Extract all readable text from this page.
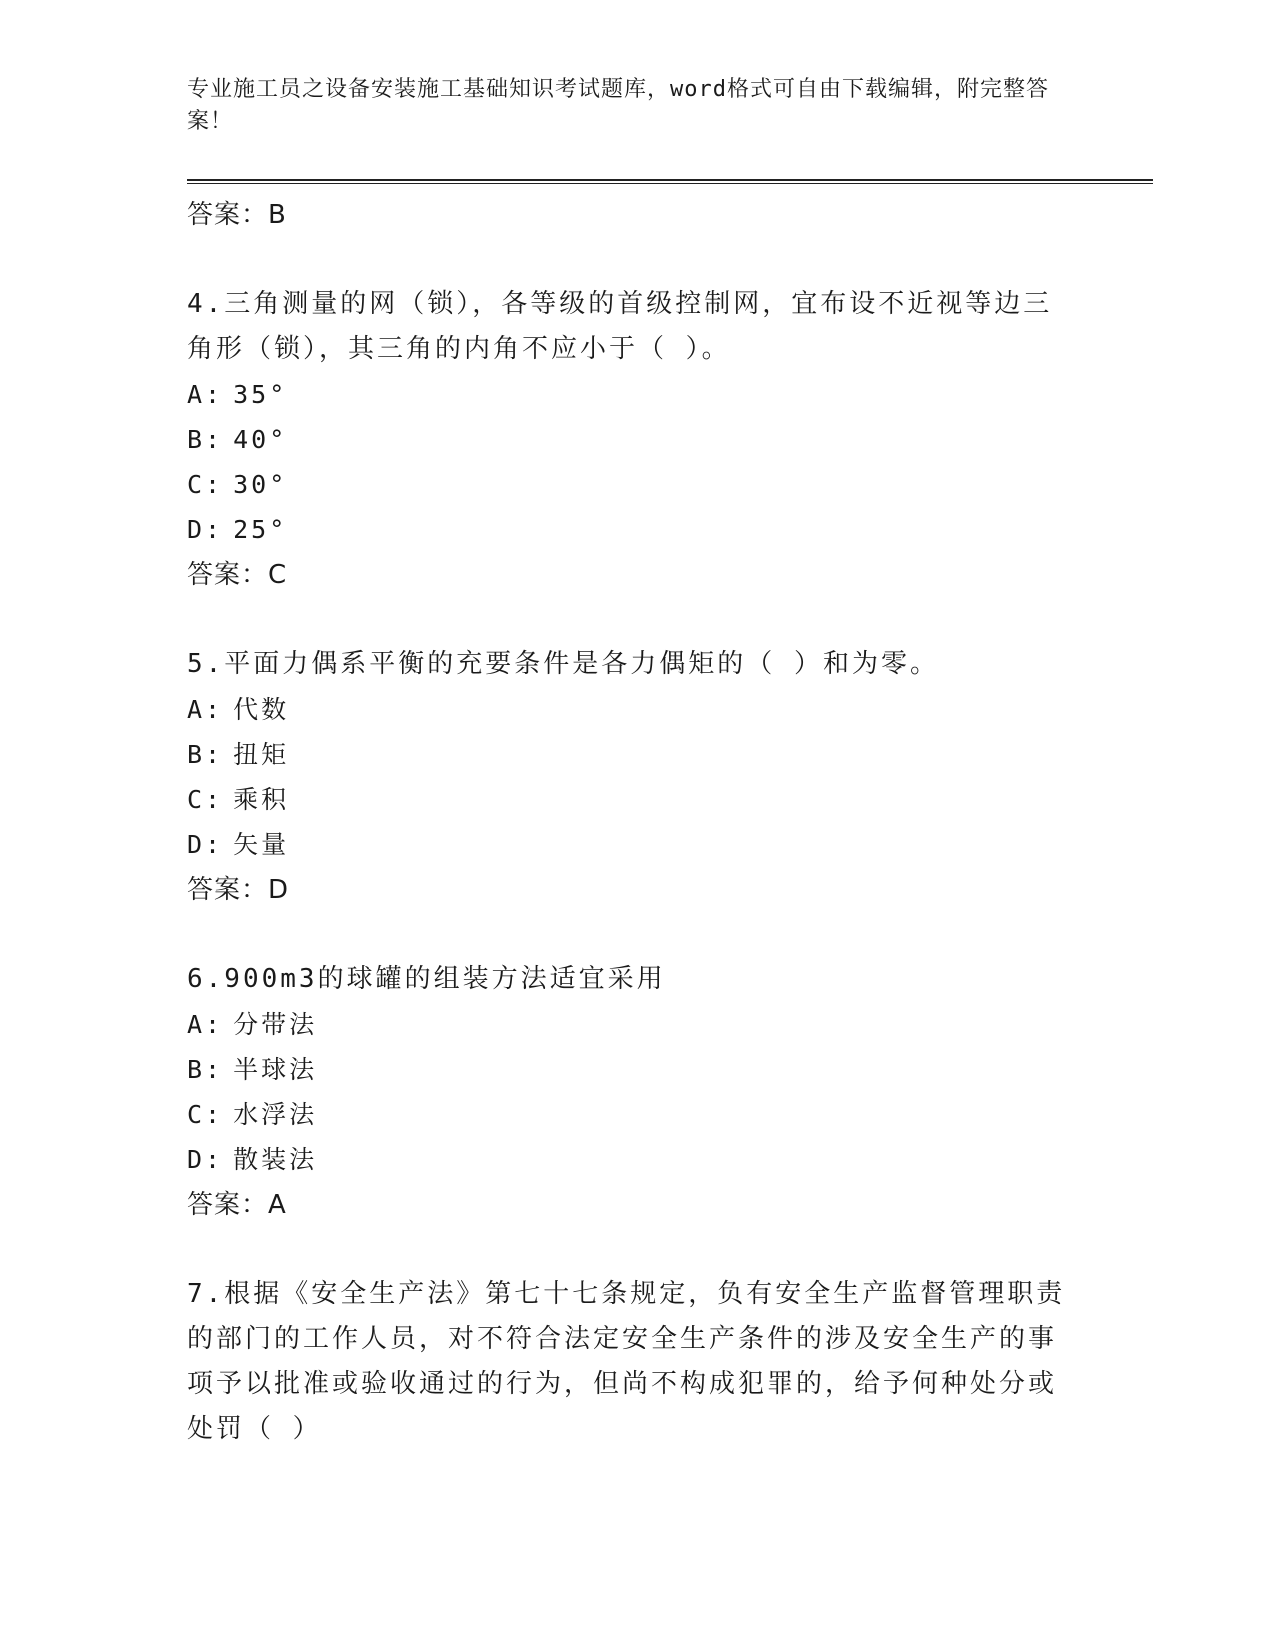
专业施工员之设备安装施工基础知识考试题库，word格式可自由下载编辑，附完整答案！
答案：B
4.三角测量的网（锁），各等级的首级控制网，宜布设不近视等边三角形（锁），其三角的内角不应小于（ ）。
A: 35°
B: 40°
C: 30°
D: 25°
答案：C
5.平面力偶系平衡的充要条件是各力偶矩的（ ）和为零。
A: 代数
B: 扭矩
C: 乘积
D: 矢量
答案：D
6.900m3的球罐的组装方法适宜采用
A: 分带法
B: 半球法
C: 水浮法
D: 散装法
答案：A
7.根据《安全生产法》第七十七条规定，负有安全生产监督管理职责的部门的工作人员，对不符合法定安全生产条件的涉及安全生产的事项予以批准或验收通过的行为，但尚不构成犯罪的，给予何种处分或处罚（ ）
